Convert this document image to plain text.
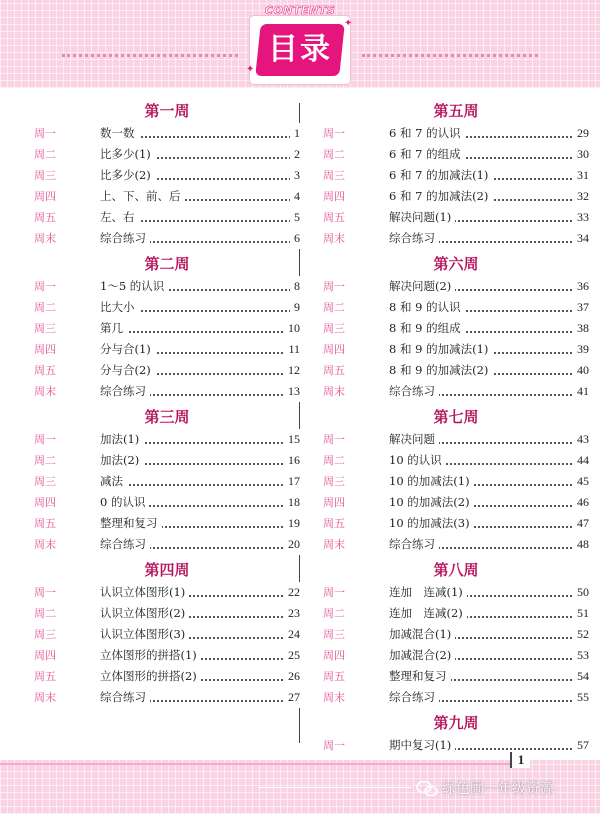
CONTENTS
目录
✦
✦
第一周
周一	数一数	1
周二	比多少(1)	2
周三	比多少(2)	3
周四	上、下、前、后	4
周五	左、右	5
周末	综合练习	6
第二周
周一	1～5 的认识	8
周二	比大小	9
周三	第几	10
周四	分与合(1)	11
周五	分与合(2)	12
周末	综合练习	13
第三周
周一	加法(1)	15
周二	加法(2)	16
周三	减法	17
周四	0 的认识	18
周五	整理和复习	19
周末	综合练习	20
第四周
周一	认识立体图形(1)	22
周二	认识立体图形(2)	23
周三	认识立体图形(3)	24
周四	立体图形的拼搭(1)	25
周五	立体图形的拼搭(2)	26
周末	综合练习	27
第五周
周一	6 和 7 的认识	29
周二	6 和 7 的组成	30
周三	6 和 7 的加减法(1)	31
周四	6 和 7 的加减法(2)	32
周五	解决问题(1)	33
周末	综合练习	34
第六周
周一	解决问题(2)	36
周二	8 和 9 的认识	37
周三	8 和 9 的组成	38
周四	8 和 9 的加减法(1)	39
周五	8 和 9 的加减法(2)	40
周末	综合练习	41
第七周
周一	解决问题	43
周二	10 的认识	44
周三	10 的加减法(1)	45
周四	10 的加减法(2)	46
周五	10 的加减法(3)	47
周末	综合练习	48
第八周
周一	连加　连减(1)	50
周二	连加　连减(2)	51
周三	加减混合(1)	52
周四	加减混合(2)	53
周五	整理和复习	54
周末	综合练习	55
第九周
周一	期中复习(1)	57
1
绿色圃一年级资源
